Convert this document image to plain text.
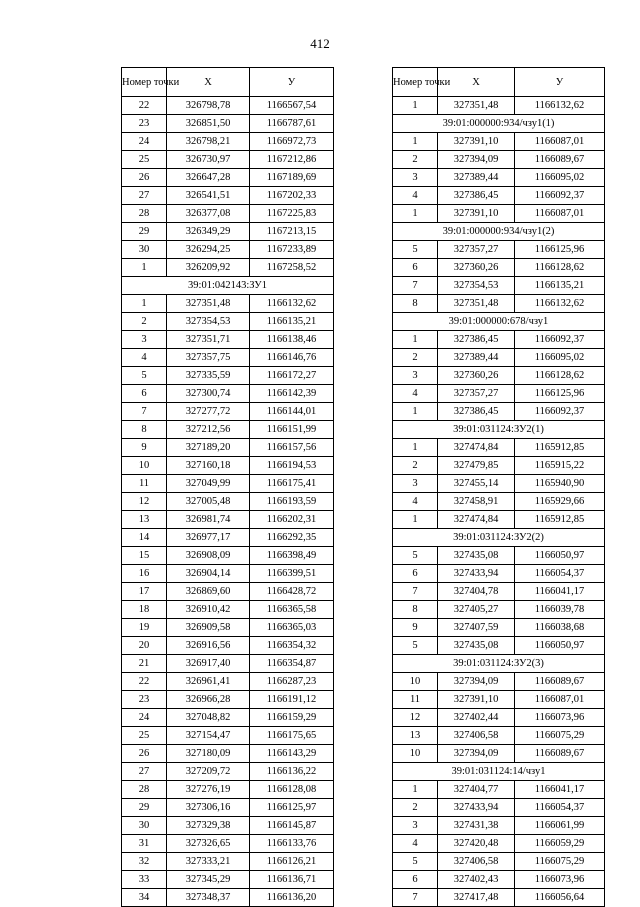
412
Номер точки	Х	У
22	326798,78	1166567,54
23	326851,50	1166787,61
24	326798,21	1166972,73
25	326730,97	1167212,86
26	326647,28	1167189,69
27	326541,51	1167202,33
28	326377,08	1167225,83
29	326349,29	1167213,15
30	326294,25	1167233,89
1	326209,92	1167258,52
39:01:042143:ЗУ1		
1	327351,48	1166132,62
2	327354,53	1166135,21
3	327351,71	1166138,46
4	327357,75	1166146,76
5	327335,59	1166172,27
6	327300,74	1166142,39
7	327277,72	1166144,01
8	327212,56	1166151,99
9	327189,20	1166157,56
10	327160,18	1166194,53
11	327049,99	1166175,41
12	327005,48	1166193,59
13	326981,74	1166202,31
14	326977,17	1166292,35
15	326908,09	1166398,49
16	326904,14	1166399,51
17	326869,60	1166428,72
18	326910,42	1166365,58
19	326909,58	1166365,03
20	326916,56	1166354,32
21	326917,40	1166354,87
22	326961,41	1166287,23
23	326966,28	1166191,12
24	327048,82	1166159,29
25	327154,47	1166175,65
26	327180,09	1166143,29
27	327209,72	1166136,22
28	327276,19	1166128,08
29	327306,16	1166125,97
30	327329,38	1166145,87
31	327326,65	1166133,76
32	327333,21	1166126,21
33	327345,29	1166136,71
34	327348,37	1166136,20
Номер точки	Х	У
1	327351,48	1166132,62
39:01:000000:934/чзу1(1)		
1	327391,10	1166087,01
2	327394,09	1166089,67
3	327389,44	1166095,02
4	327386,45	1166092,37
1	327391,10	1166087,01
39:01:000000:934/чзу1(2)		
5	327357,27	1166125,96
6	327360,26	1166128,62
7	327354,53	1166135,21
8	327351,48	1166132,62
39:01:000000:678/чзу1		
1	327386,45	1166092,37
2	327389,44	1166095,02
3	327360,26	1166128,62
4	327357,27	1166125,96
1	327386,45	1166092,37
39:01:031124:ЗУ2(1)		
1	327474,84	1165912,85
2	327479,85	1165915,22
3	327455,14	1165940,90
4	327458,91	1165929,66
1	327474,84	1165912,85
39:01:031124:ЗУ2(2)		
5	327435,08	1166050,97
6	327433,94	1166054,37
7	327404,78	1166041,17
8	327405,27	1166039,78
9	327407,59	1166038,68
5	327435,08	1166050,97
39:01:031124:ЗУ2(3)		
10	327394,09	1166089,67
11	327391,10	1166087,01
12	327402,44	1166073,96
13	327406,58	1166075,29
10	327394,09	1166089,67
39:01:031124:14/чзу1		
1	327404,77	1166041,17
2	327433,94	1166054,37
3	327431,38	1166061,99
4	327420,48	1166059,29
5	327406,58	1166075,29
6	327402,43	1166073,96
7	327417,48	1166056,64
